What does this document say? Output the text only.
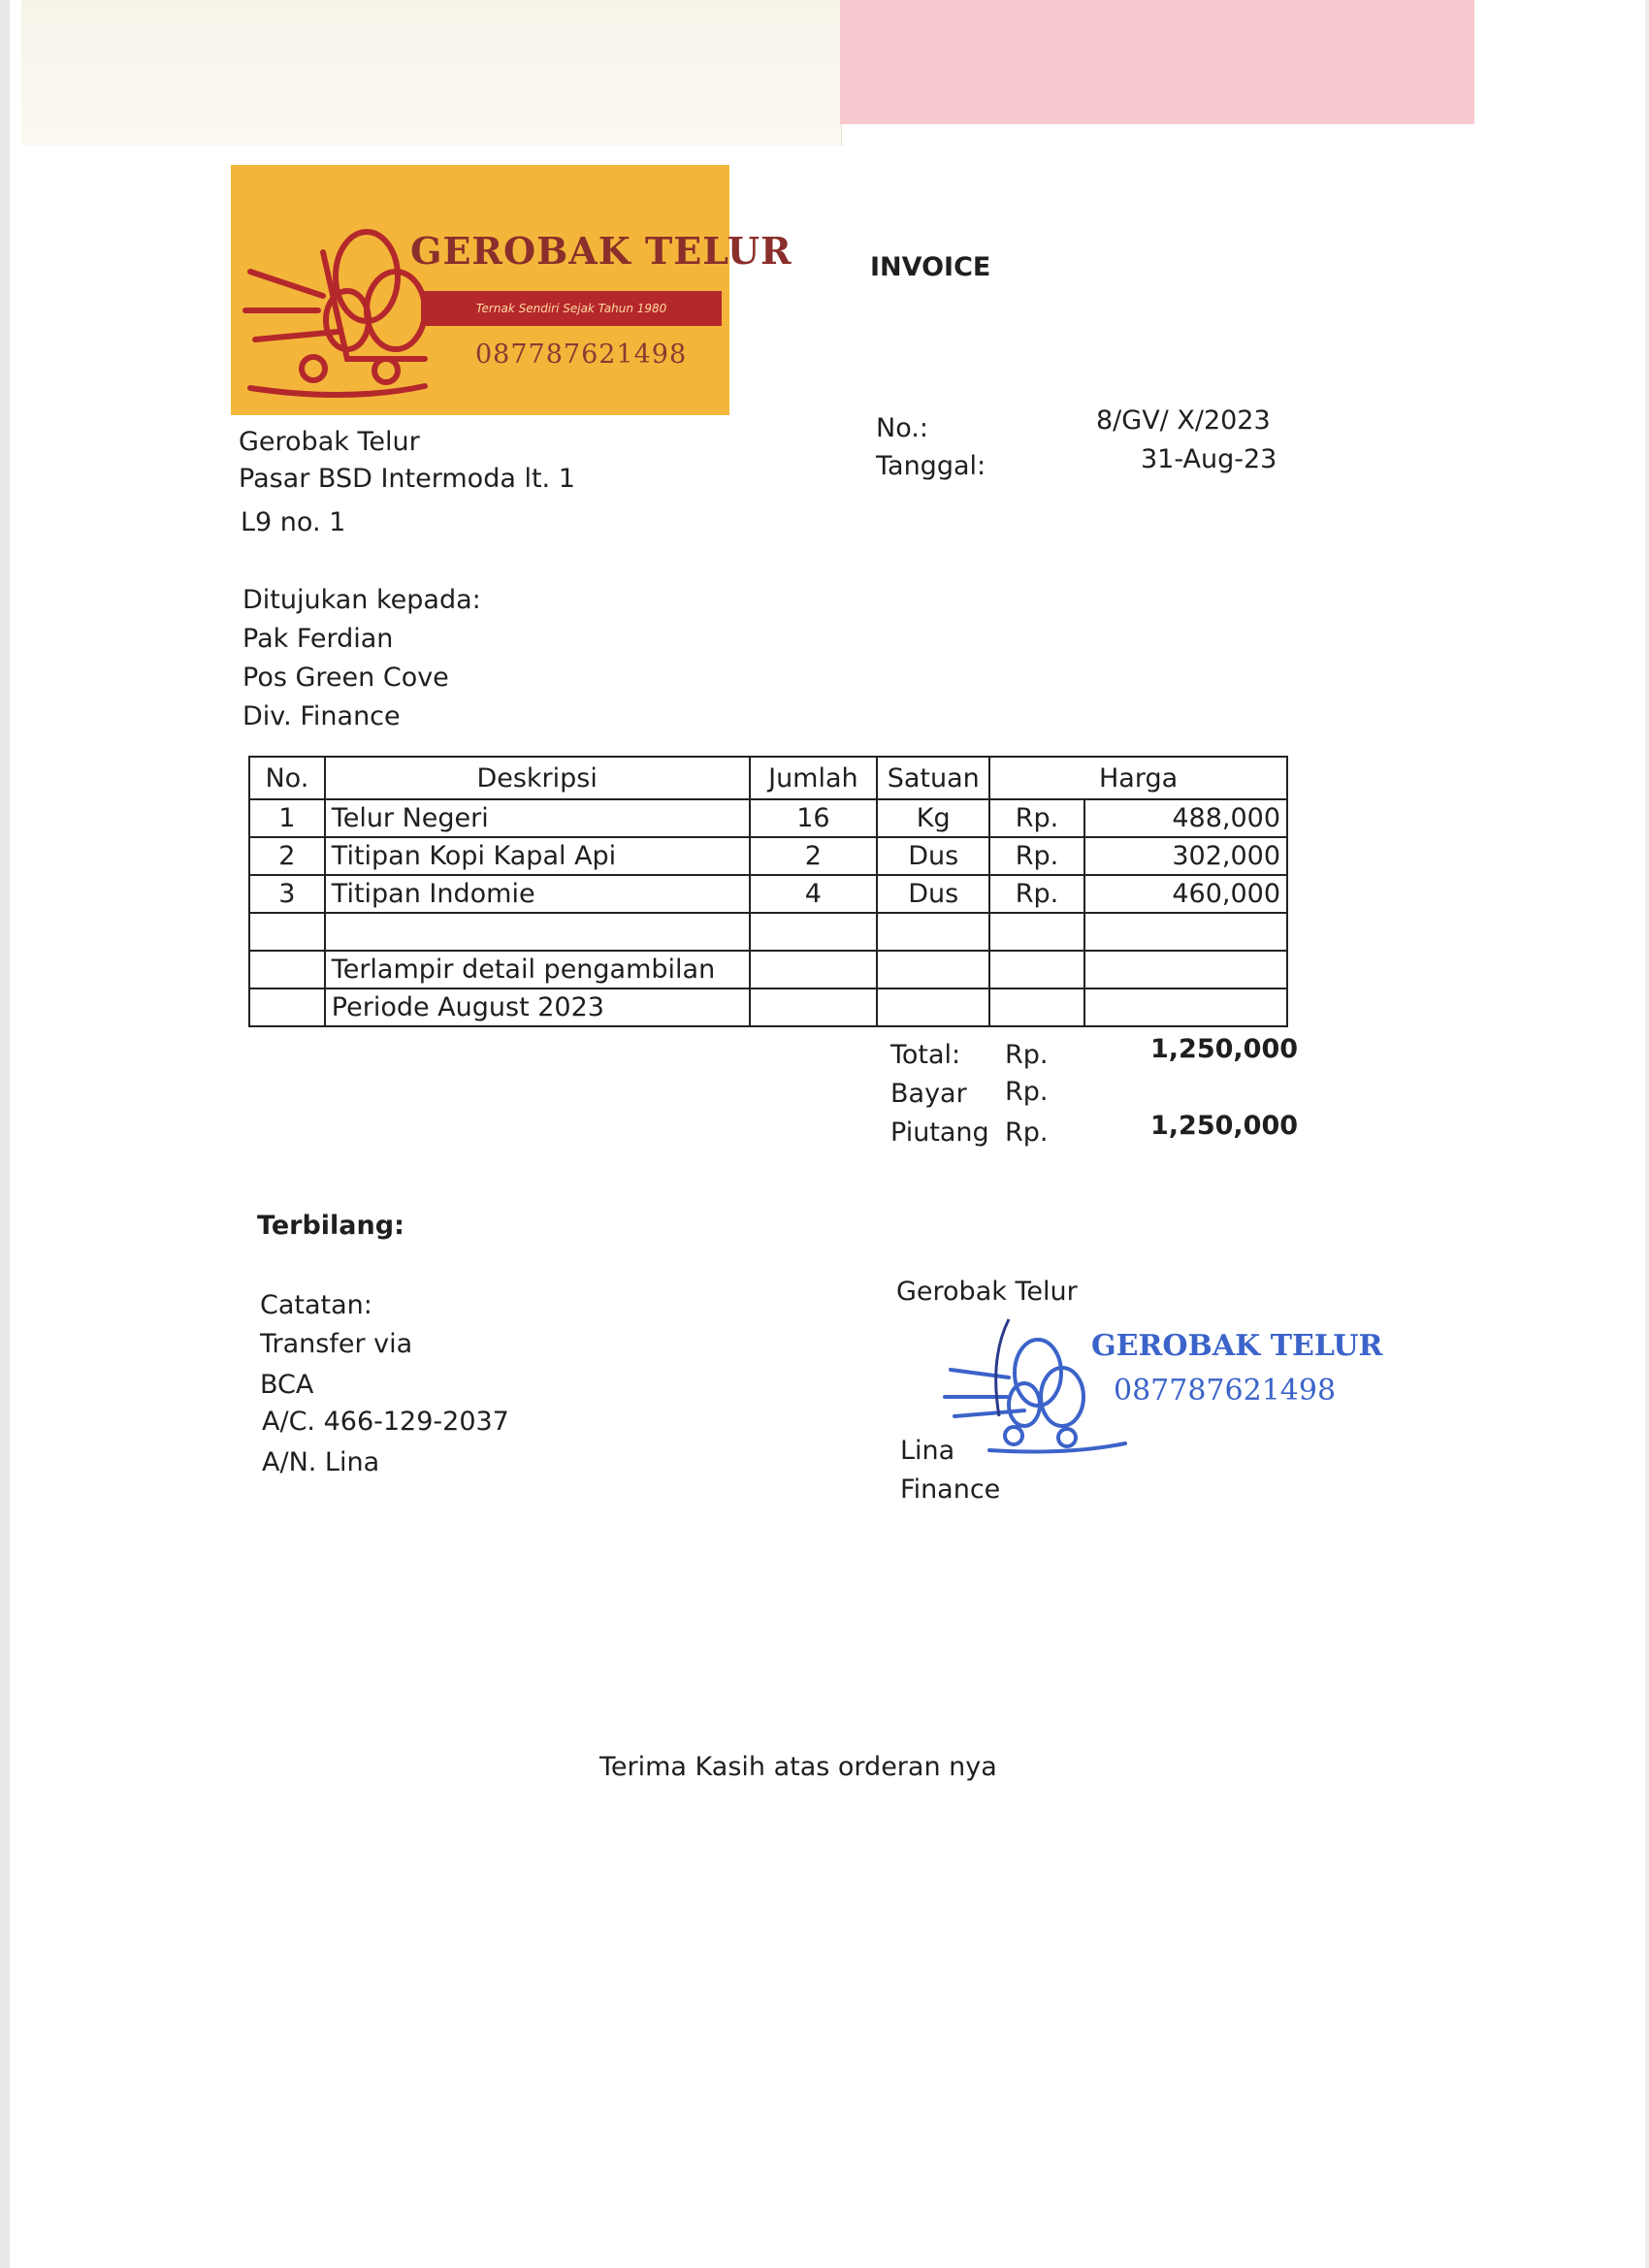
GEROBAK TELUR
Ternak Sendiri Sejak Tahun 1980
087787621498
INVOICE
No.:	8/GV/ X/2023
Tanggal:	31-Aug-23
Gerobak Telur
Pasar BSD Intermoda lt. 1
L9 no. 1
Ditujukan kepada:
Pak Ferdian
Pos Green Cove
Div. Finance
No.	Deskripsi	Jumlah	Satuan	Harga	
1	Telur Negeri	16	Kg	Rp.	488,000
2	Titipan Kopi Kapal Api	2	Dus	Rp.	302,000
3	Titipan Indomie	4	Dus	Rp.	460,000

	Terlampir detail pengambilan				
	Periode August 2023				
Total: Rp.	1,250,000
Bayar Rp.
Piutang Rp.	1,250,000
Terbilang:
Catatan:
Transfer via
BCA
A/C. 466-129-2037
A/N. Lina
Gerobak Telur
GEROBAK TELUR
087787621498
Lina
Finance
Terima Kasih atas orderan nya
